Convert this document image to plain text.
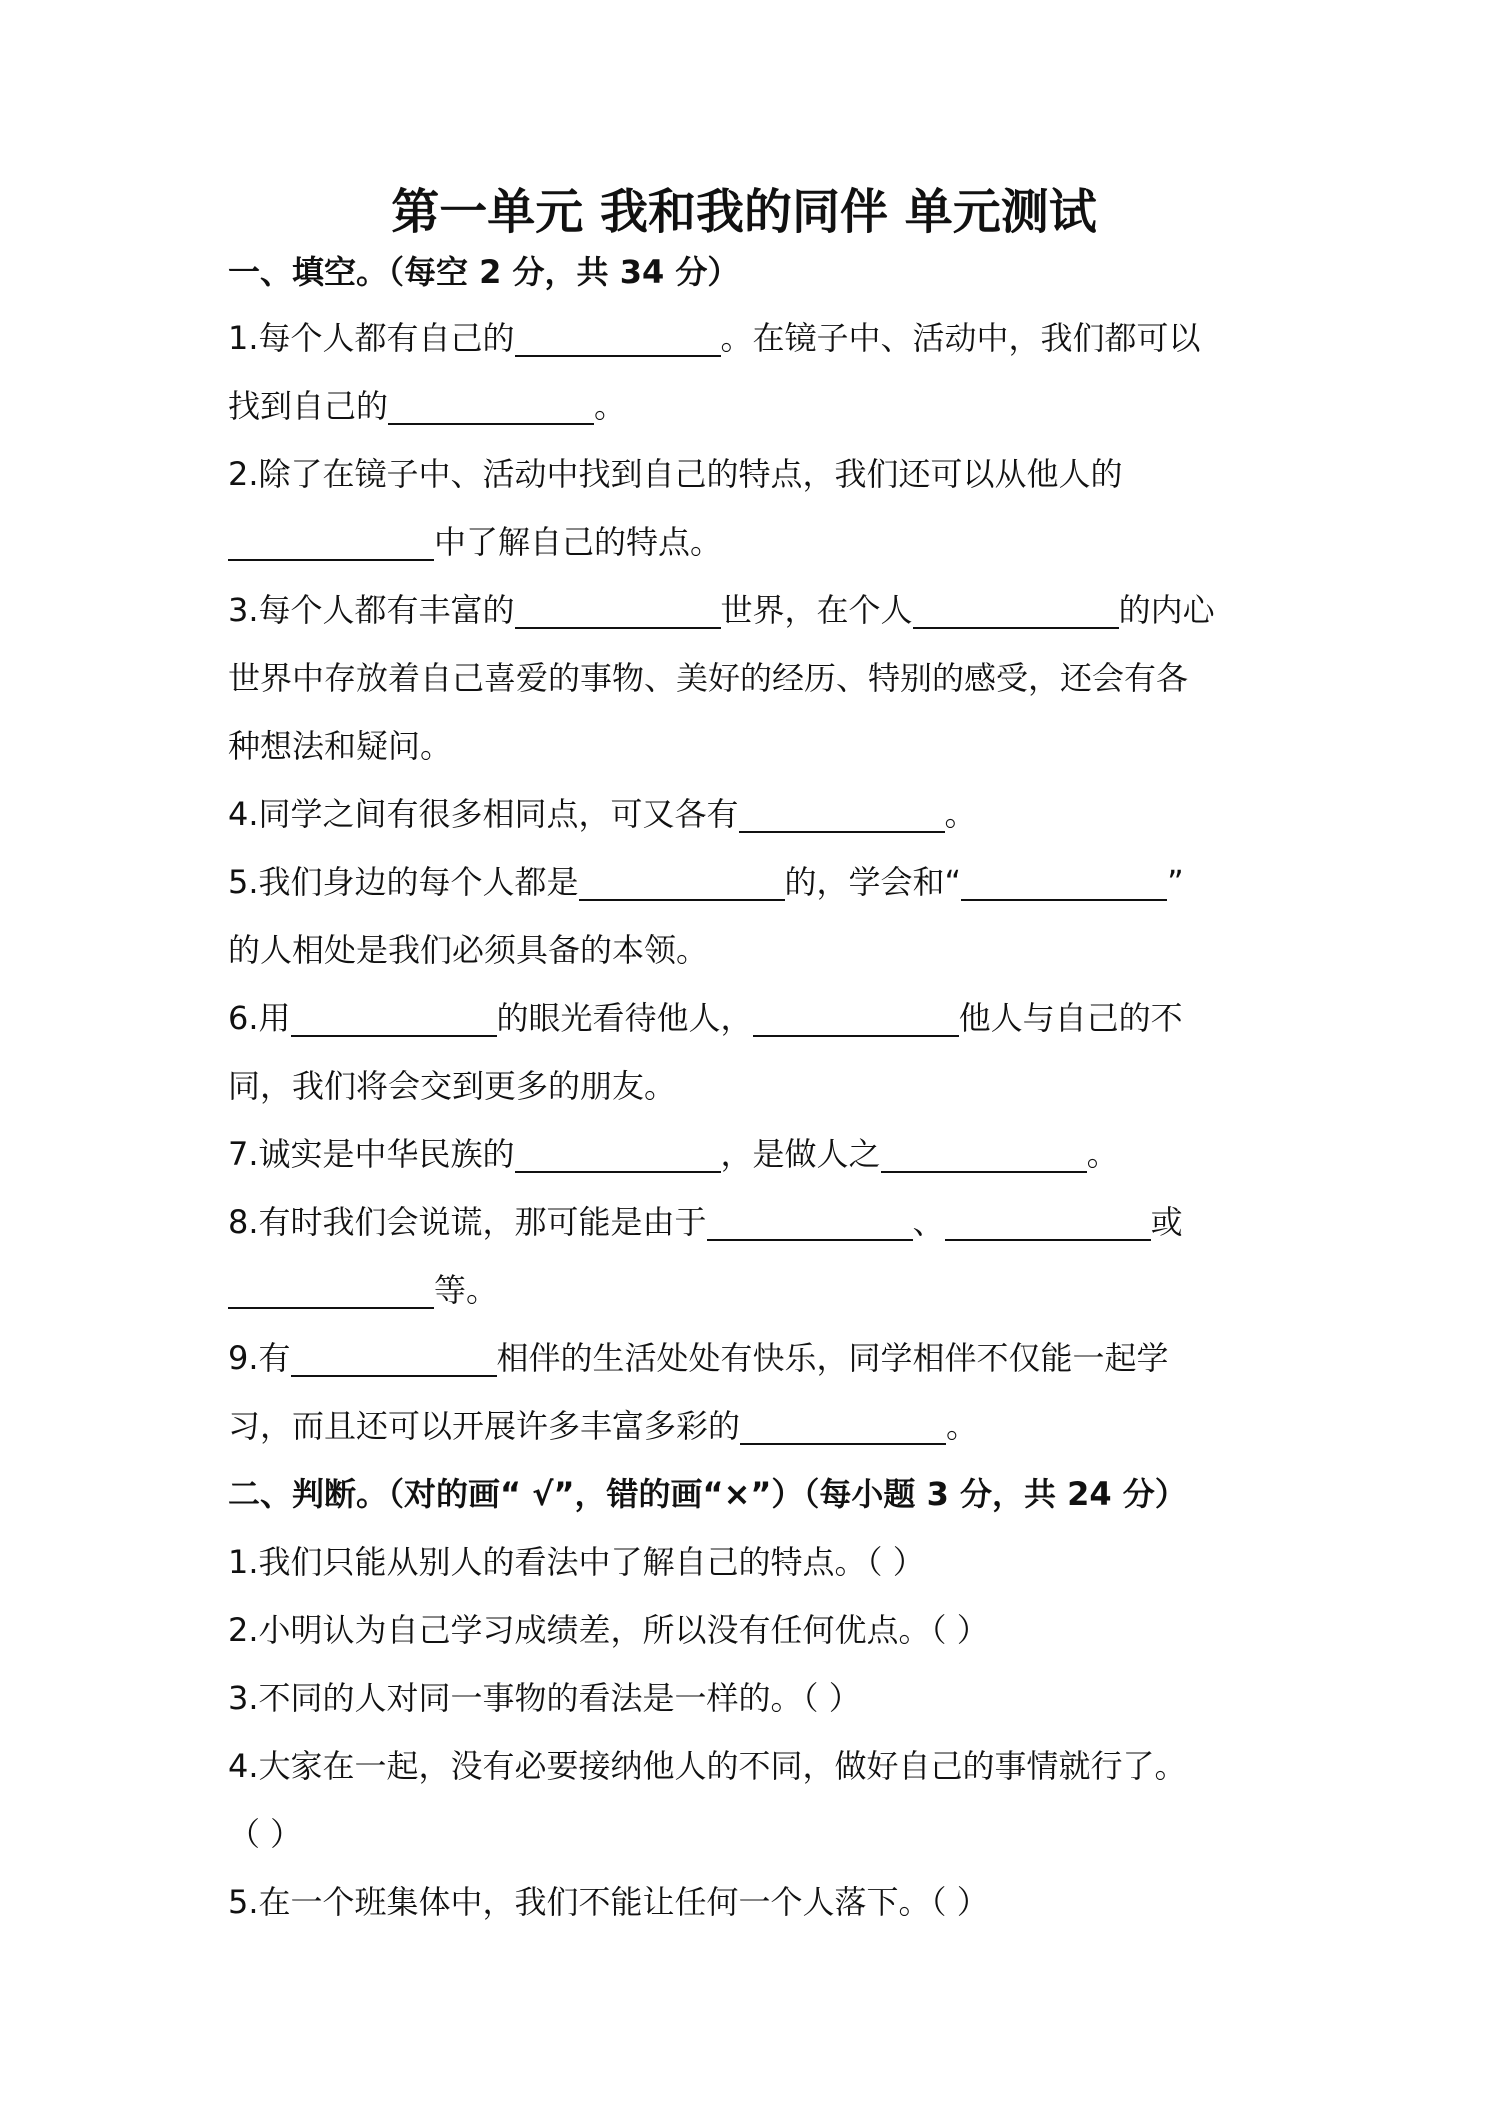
第一单元 我和我的同伴 单元测试
一、填空。（每空 2 分，共 34 分）
1.每个人都有自己的	。在镜子中、活动中，我们都可以
找到自己的	。
2.除了在镜子中、活动中找到自己的特点，我们还可以从他人的
中了解自己的特点。
3.每个人都有丰富的	世界，在个人	的内心
世界中存放着自己喜爱的事物、美好的经历、特别的感受，还会有各
种想法和疑问。
4.同学之间有很多相同点，可又各有	。
5.我们身边的每个人都是	的，学会和“	”
的人相处是我们必须具备的本领。
6.用	的眼光看待他人，	他人与自己的不
同，我们将会交到更多的朋友。
7.诚实是中华民族的	，是做人之	。
8.有时我们会说谎，那可能是由于	、	或
等。
9.有	相伴的生活处处有快乐，同学相伴不仅能一起学
习，而且还可以开展许多丰富多彩的	。
二、判断。（对的画“ √”，错的画“×”）（每小题 3 分，共 24 分）
1.我们只能从别人的看法中了解自己的特点。（ ）
2.小明认为自己学习成绩差，所以没有任何优点。（ ）
3.不同的人对同一事物的看法是一样的。（ ）
4.大家在一起，没有必要接纳他人的不同，做好自己的事情就行了。
（ ）
5.在一个班集体中，我们不能让任何一个人落下。（ ）
